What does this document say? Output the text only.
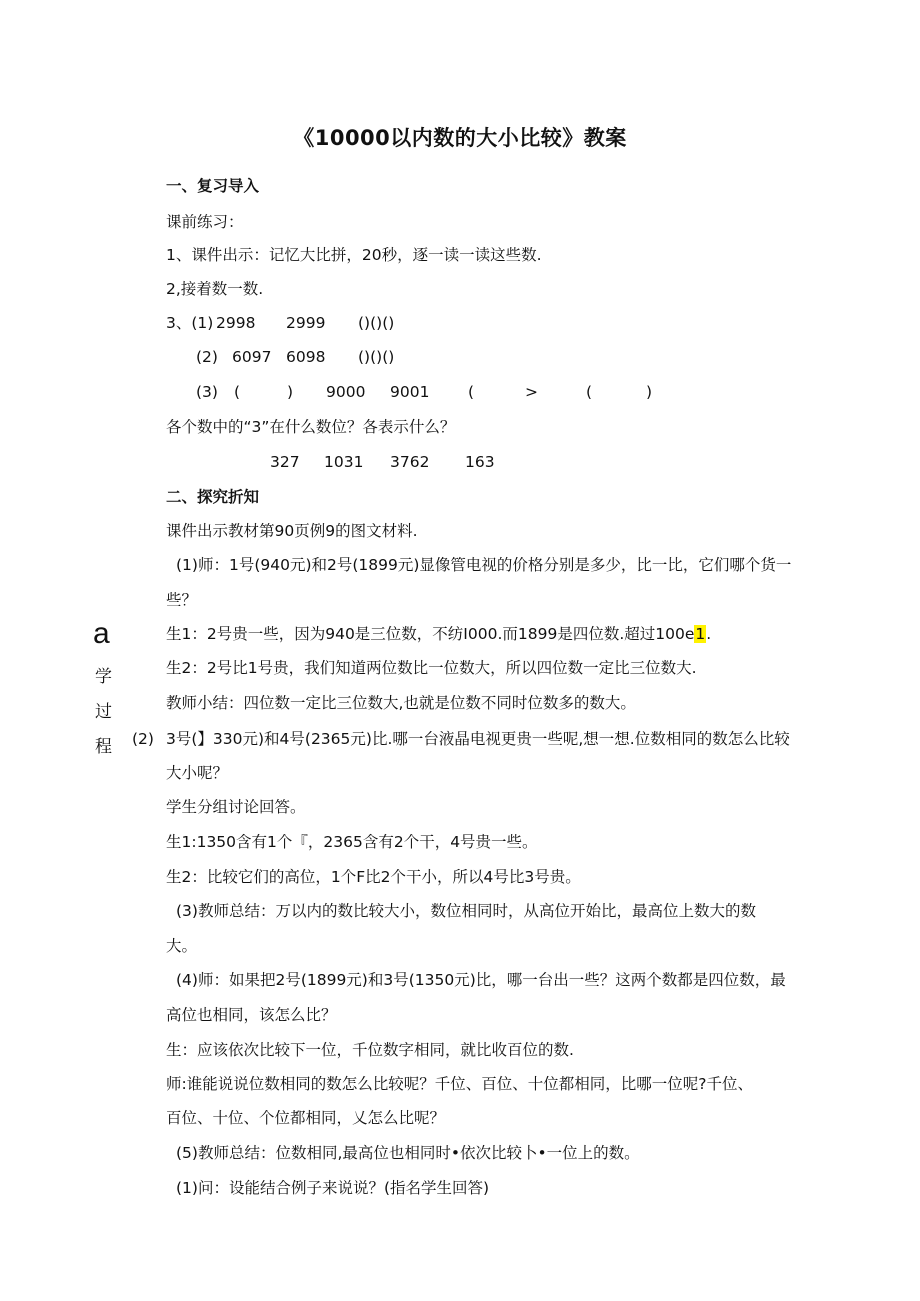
《10000以内数的大小比较》教案
一、复习导入
课前练习：
1、课件出示：记忆大比拼，20秒，逐一读一读这些数.
2,接着数一数.
3、(1) 2998 2999 ()()()
(2) 6097 6098 ()()()
(3) (	) 9000 9001 (	>	(	)
各个数中的“3”在什么数位？各表示什么？
327 1031 3762 163
二、探究折知
课件出示教材第90页例9的图文材料.
(1)师：1号(940元)和2号(1899元)显像管电视的价格分别是多少，比一比，它们哪个货一
些？
生1：2号贵一些，因为940是三位数，不纺I000.而1899是四位数.超过100e1.
生2：2号比1号贵，我们知道两位数比一位数大，所以四位数一定比三位数大.
教师小结：四位数一定比三位数大,也就是位数不同时位数多的数大。
a
学
过
程 (2) 3号(】330元)和4号(2365元)比.哪一台液晶电视更贵一些呢,想一想.位数相同的数怎么比较
大小呢？
学生分组讨论回答。
生1:1350含有1个『，2365含有2个干，4号贵一些。
生2：比较它们的高位，1个F比2个干小，所以4号比3号贵。
(3)教师总结：万以内的数比较大小，数位相同时，从高位开始比，最高位上数大的数
大。
(4)师：如果把2号(1899元)和3号(1350元)比，哪一台出一些？这两个数都是四位数，最
高位也相同，该怎么比？
生：应该依次比较下一位，千位数字相同，就比收百位的数.
师:谁能说说位数相同的数怎么比较呢？千位、百位、十位都相同，比哪一位呢?千位、
百位、十位、个位都相同，乂怎么比呢？
(5)教师总结：位数相同,最高位也相同时•依次比较卜•一位上的数。
(1)问：设能结合例子来说说？(指名学生回答)
